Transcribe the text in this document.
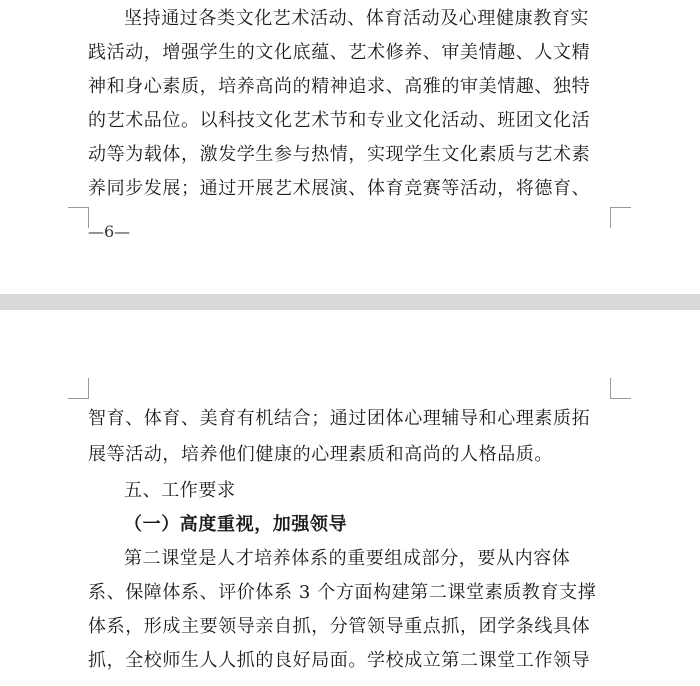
坚持通过各类文化艺术活动、体育活动及心理健康教育实
践活动，增强学生的文化底蕴、艺术修养、审美情趣、人文精
神和身心素质，培养高尚的精神追求、高雅的审美情趣、独特
的艺术品位。以科技文化艺术节和专业文化活动、班团文化活
动等为载体，激发学生参与热情，实现学生文化素质与艺术素
养同步发展；通过开展艺术展演、体育竞赛等活动，将德育、
—6—
智育、体育、美育有机结合；通过团体心理辅导和心理素质拓
展等活动，培养他们健康的心理素质和高尚的人格品质。
五、工作要求
（一）高度重视，加强领导
第二课堂是人才培养体系的重要组成部分，要从内容体
系、保障体系、评价体系 3 个方面构建第二课堂素质教育支撑
体系，形成主要领导亲自抓，分管领导重点抓，团学条线具体
抓，全校师生人人抓的良好局面。学校成立第二课堂工作领导
